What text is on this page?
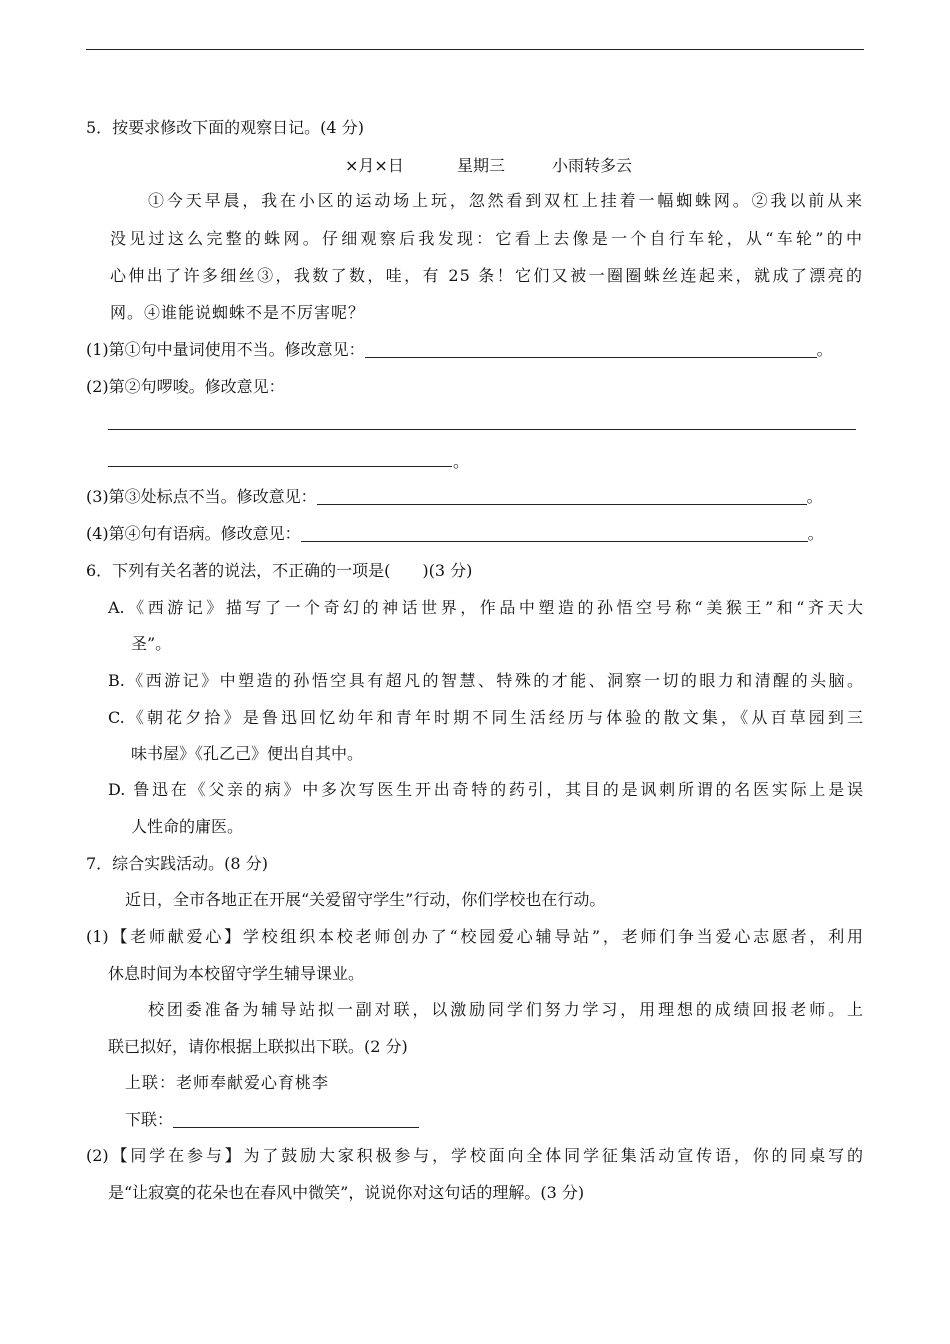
5．按要求修改下面的观察日记。(4 分)
×月×日	星期三	小雨转多云
①今天早晨，我在小区的运动场上玩，忽然看到双杠上挂着一幅蜘蛛网。②我以前从来
没见过这么完整的蛛网。仔细观察后我发现：它看上去像是一个自行车轮，从“车轮”的中
心伸出了许多细丝③，我数了数，哇，有 25 条！它们又被一圈圈蛛丝连起来，就成了漂亮的
网。④谁能说蜘蛛不是不厉害呢？
(1)第①句中量词使用不当。修改意见：	。
(2)第②句啰唆。修改意见：
。
(3)第③处标点不当。修改意见：	。
(4)第④句有语病。修改意见：	。
6．下列有关名著的说法，不正确的一项是(　　)(3 分)
A.《西游记》描写了一个奇幻的神话世界，作品中塑造的孙悟空号称“美猴王”和“齐天大
圣”。
B.《西游记》中塑造的孙悟空具有超凡的智慧、特殊的才能、洞察一切的眼力和清醒的头脑。
C.《朝花夕拾》是鲁迅回忆幼年和青年时期不同生活经历与体验的散文集，《从百草园到三
味书屋》《孔乙己》便出自其中。
D. 鲁迅在《父亲的病》中多次写医生开出奇特的药引，其目的是讽刺所谓的名医实际上是误
人性命的庸医。
7．综合实践活动。(8 分)
近日，全市各地正在开展“关爱留守学生”行动，你们学校也在行动。
(1)【老师献爱心】学校组织本校老师创办了“校园爱心辅导站”，老师们争当爱心志愿者，利用
休息时间为本校留守学生辅导课业。
校团委准备为辅导站拟一副对联，以激励同学们努力学习，用理想的成绩回报老师。上
联已拟好，请你根据上联拟出下联。(2 分)
上联：老师奉献爱心育桃李
下联：
(2)【同学在参与】为了鼓励大家积极参与，学校面向全体同学征集活动宣传语，你的同桌写的
是“让寂寞的花朵也在春风中微笑”，说说你对这句话的理解。(3 分)
